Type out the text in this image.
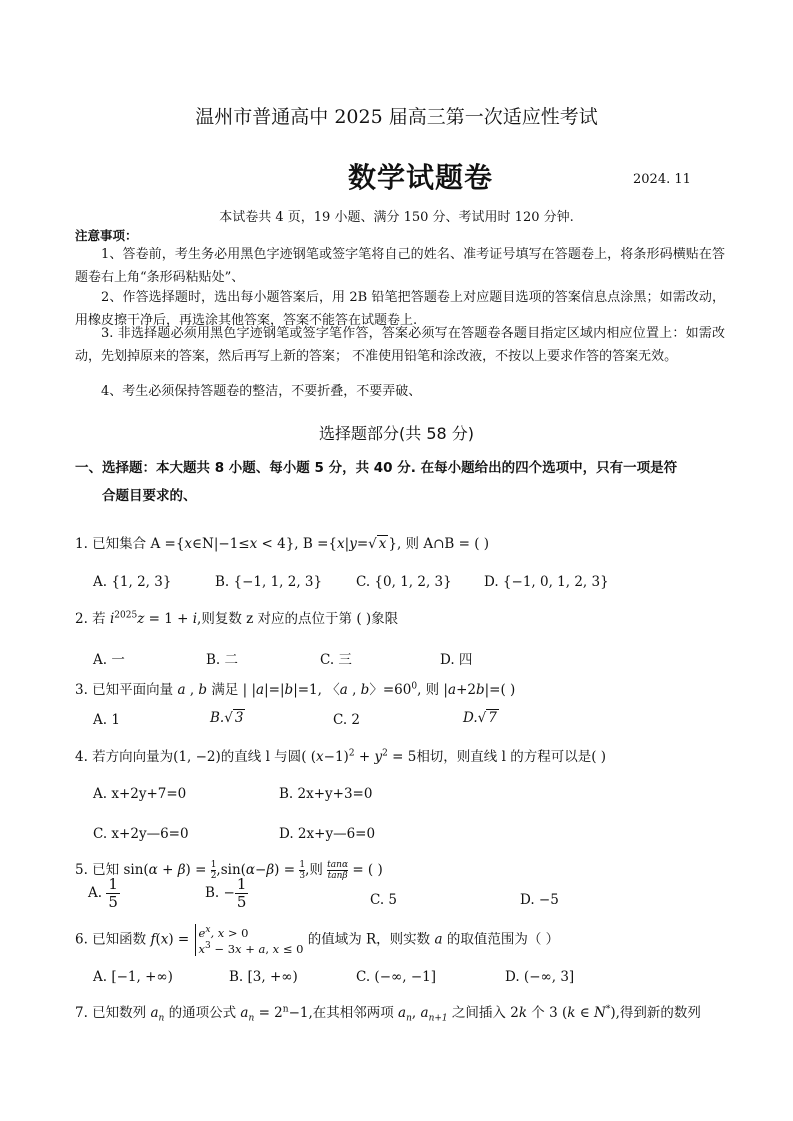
温州市普通高中 2025 届高三第一次适应性考试
数学试题卷	2024. 11
本试卷共 4 页，19 小题、满分 150 分、考试用时 120 分钟.
注意事项：
1、答卷前，考生务必用黑色字迹钢笔或签字笔将自己的姓名、准考证号填写在答题卷上，将条形码横贴在答题卷右上角“条形码粘贴处”、
2、作答选择题时，选出每小题答案后，用 2B 铅笔把答题卷上对应题目选项的答案信息点涂黑；如需改动，用橡皮擦干净后，再选涂其他答案，答案不能答在试题卷上.
3. 非选择题必须用黑色字迹钢笔或签字笔作答，答案必须写在答题卷各题目指定区域内相应位置上：如需改动，先划掉原来的答案，然后再写上新的答案； 不准使用铅笔和涂改液，不按以上要求作答的答案无效。
4、考生必须保持答题卷的整洁，不要折叠，不要弄破、
选择题部分(共 58 分)
一、选择题：本大题共 8 小题、每小题 5 分，共 40 分. 在每小题给出的四个选项中，只有一项是符
合题目要求的、
1. 已知集合 A ={x∈N|−1≤x < 4}, B ={x|y=√ x }, 则 A∩B = ( )
A. {1, 2, 3}	B. {−1, 1, 2, 3}	C. {0, 1, 2, 3} D. {−1, 0, 1, 2, 3}
2. 若 $i^{2025}z = 1 + i$,则复数 z 对应的点位于第 ( )象限
A. 一	B. 二	C. 三	D. 四
3. 已知平面向量 a , b 满足 | |a|=|b|=1, 〈a , b〉$=60^0$, 则 |a+2b|=( )
A. 1	B.√ 3	C. 2	D.√ 7
4. 若方向向量为(1, −2)的直线 l 与圆( $(x-1)^2 + y^2 = 5$相切，则直线 l 的方程可以是( )
A. x+2y+7=0	B. 2x+y+3=0
C. x+2y—6=0	D. 2x+y—6=0
5. 已知 $\sin(\alpha + \beta) = \frac{1}{2} ,\sin(\alpha-\beta) = \frac{1}{3}$ ,则 $\frac{\tan\alpha}{\tan\beta}$ = ( )
A. $\frac{1}{5}$	B. − $\frac{1}{5}$	C. 5	D. −5
6. 已知函数 $f(x) = e^x$, x > 0
$x^3 - 3x + a$, x ≤ 0 的值域为 R，则实数 a 的取值范围为（ ）
A. [−1, +∞)	B. [3, +∞)	C. (−∞, −1]	D. (−∞, 3]
7. 已知数列 $a_n$ 的通项公式 $a_n = 2^n-1$,在其相邻两项 $a_n$, $a_{n+1}$ 之间插入 2k 个 3 (k ∈ N*),得到新的数列
